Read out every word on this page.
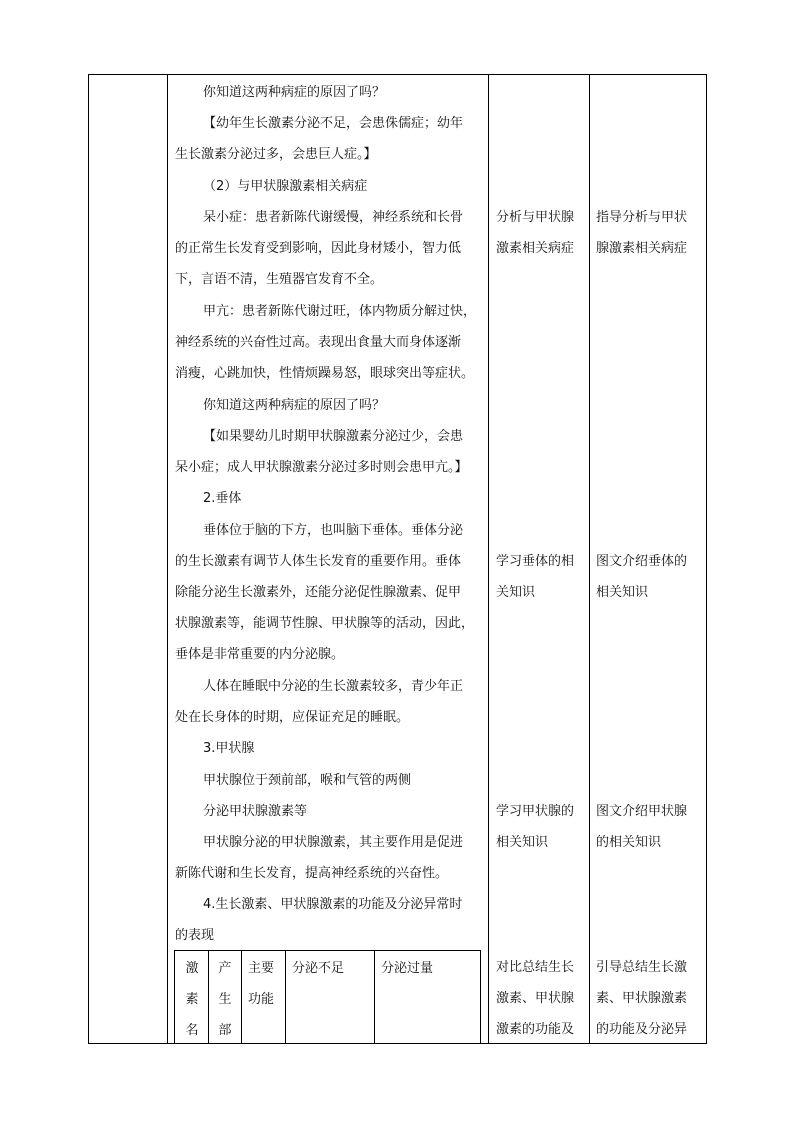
你知道这两种病症的原因了吗？
【幼年生长激素分泌不足，会患侏儒症；幼年
生长激素分泌过多，会患巨人症。】
（2）与甲状腺激素相关病症
呆小症：患者新陈代谢缓慢，神经系统和长骨
的正常生长发育受到影响，因此身材矮小，智力低
下，言语不清，生殖器官发育不全。
甲亢：患者新陈代谢过旺，体内物质分解过快，
神经系统的兴奋性过高。表现出食量大而身体逐渐
消瘦，心跳加快，性情烦躁易怒，眼球突出等症状。
你知道这两种病症的原因了吗？
【如果婴幼儿时期甲状腺激素分泌过少，会患
呆小症；成人甲状腺激素分泌过多时则会患甲亢。】
2.垂体
垂体位于脑的下方，也叫脑下垂体。垂体分泌
的生长激素有调节人体生长发育的重要作用。垂体
除能分泌生长激素外，还能分泌促性腺激素、促甲
状腺激素等，能调节性腺、甲状腺等的活动，因此，
垂体是非常重要的内分泌腺。
人体在睡眠中分泌的生长激素较多，青少年正
处在长身体的时期，应保证充足的睡眠。
3.甲状腺
甲状腺位于颈前部，喉和气管的两侧
分泌甲状腺激素等
甲状腺分泌的甲状腺激素，其主要作用是促进
新陈代谢和生长发育，提高神经系统的兴奋性。
4.生长激素、甲状腺激素的功能及分泌异常时
的表现
激素名
产生部
主要功能
分泌不足	分泌过量
分析与甲状腺
激素相关病症
学习垂体的相
关知识
学习甲状腺的
相关知识
对比总结生长
激素、甲状腺
激素的功能及
指导分析与甲状
腺激素相关病症
图文介绍垂体的
相关知识
图文介绍甲状腺
的相关知识
引导总结生长激
素、甲状腺激素
的功能及分泌异
